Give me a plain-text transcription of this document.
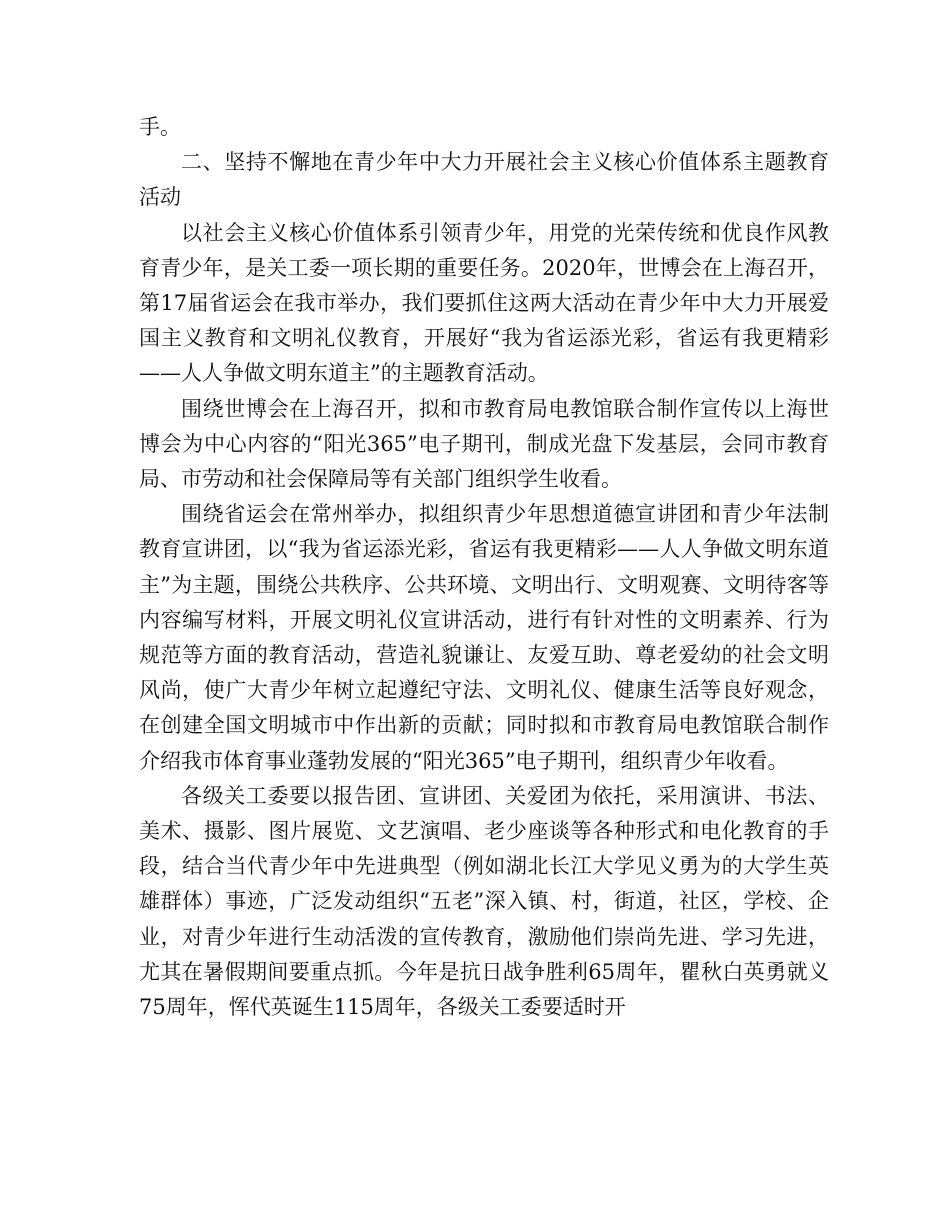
手。

二、坚持不懈地在青少年中大力开展社会主义核心价值体系主题教育活动

以社会主义核心价值体系引领青少年，用党的光荣传统和优良作风教育青少年，是关工委一项长期的重要任务。2020年，世博会在上海召开，第17届省运会在我市举办，我们要抓住这两大活动在青少年中大力开展爱国主义教育和文明礼仪教育，开展好“我为省运添光彩，省运有我更精彩——人人争做文明东道主”的主题教育活动。

围绕世博会在上海召开，拟和市教育局电教馆联合制作宣传以上海世博会为中心内容的“阳光365”电子期刊，制成光盘下发基层，会同市教育局、市劳动和社会保障局等有关部门组织学生收看。

围绕省运会在常州举办，拟组织青少年思想道德宣讲团和青少年法制教育宣讲团，以“我为省运添光彩，省运有我更精彩——人人争做文明东道主”为主题，围绕公共秩序、公共环境、文明出行、文明观赛、文明待客等内容编写材料，开展文明礼仪宣讲活动，进行有针对性的文明素养、行为规范等方面的教育活动，营造礼貌谦让、友爱互助、尊老爱幼的社会文明风尚，使广大青少年树立起遵纪守法、文明礼仪、健康生活等良好观念，在创建全国文明城市中作出新的贡献；同时拟和市教育局电教馆联合制作介绍我市体育事业蓬勃发展的“阳光365”电子期刊，组织青少年收看。

各级关工委要以报告团、宣讲团、关爱团为依托，采用演讲、书法、美术、摄影、图片展览、文艺演唱、老少座谈等各种形式和电化教育的手段，结合当代青少年中先进典型（例如湖北长江大学见义勇为的大学生英雄群体）事迹，广泛发动组织“五老”深入镇、村，街道，社区，学校、企业，对青少年进行生动活泼的宣传教育，激励他们崇尚先进、学习先进，尤其在暑假期间要重点抓。今年是抗日战争胜利65周年，瞿秋白英勇就义75周年，恽代英诞生115周年，各级关工委要适时开
